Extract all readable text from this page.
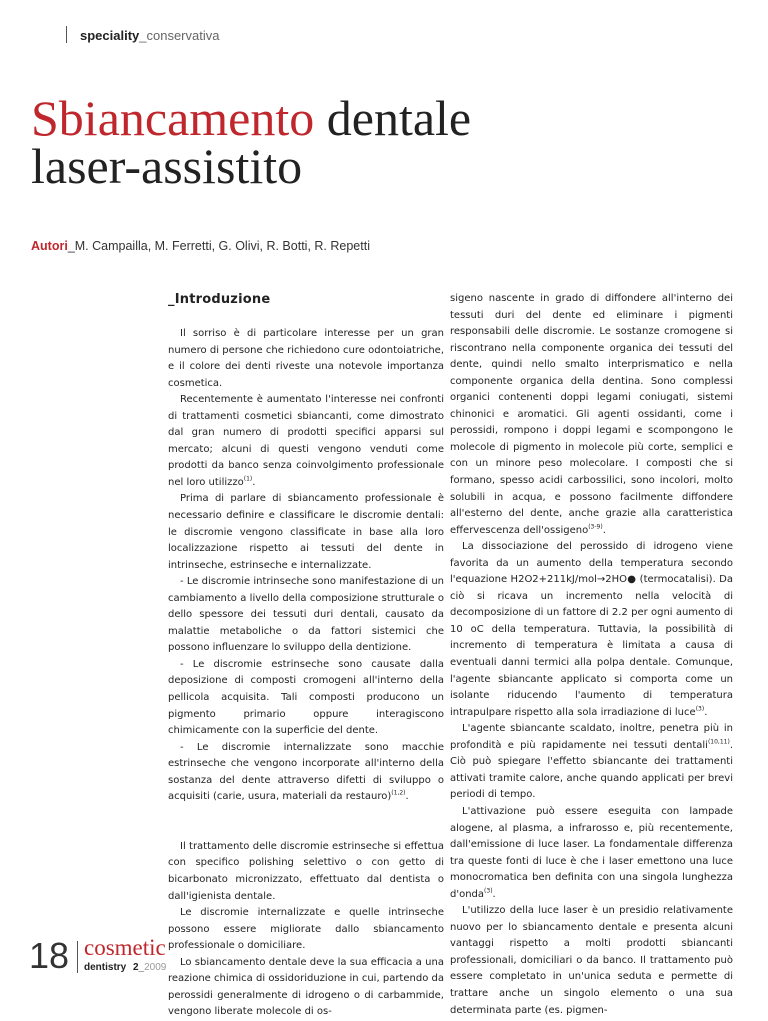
speciality_conservativa
Sbiancamento dentale
laser-assistito
Autori_M. Campailla, M. Ferretti, G. Olivi, R. Botti, R. Repetti

_Introduzione

Il sorriso è di particolare interesse per un gran numero di persone che richiedono cure odontoiatriche, e il colore dei denti riveste una notevole importanza cosmetica.

Recentemente è aumentato l'interesse nei confronti di trattamenti cosmetici sbiancanti, come dimostrato dal gran numero di prodotti specifici apparsi sul mercato; alcuni di questi vengono venduti come prodotti da banco senza coinvolgimento professionale nel loro utilizzo$^{(1)}$.

Prima di parlare di sbiancamento professionale è necessario definire e classificare le discromie dentali: le discromie vengono classificate in base alla loro localizzazione rispetto ai tessuti del dente in intrinseche, estrinseche e internalizzate.

- Le discromie intrinseche sono manifestazione di un cambiamento a livello della composizione strutturale o dello spessore dei tessuti duri dentali, causato da malattie metaboliche o da fattori sistemici che possono influenzare lo sviluppo della dentizione.

- Le discromie estrinseche sono causate dalla deposizione di composti cromogeni all'interno della pellicola acquisita. Tali composti producono un pigmento primario oppure interagiscono chimicamente con la superficie del dente.

- Le discromie internalizzate sono macchie estrinseche che vengono incorporate all'interno della sostanza del dente attraverso difetti di sviluppo o acquisiti (carie, usura, materiali da restauro)$^{(1,2)}$.

Il trattamento delle discromie estrinseche si effettua con specifico polishing selettivo o con getto di bicarbonato micronizzato, effettuato dal dentista o dall'igienista dentale.

Le discromie internalizzate e quelle intrinseche possono essere migliorate dallo sbiancamento professionale o domiciliare.

Lo sbiancamento dentale deve la sua efficacia a una reazione chimica di ossidoriduzione in cui, partendo da perossidi generalmente di idrogeno o di carbammide, vengono liberate molecole di os-

sigeno nascente in grado di diffondere all'interno dei tessuti duri del dente ed eliminare i pigmenti responsabili delle discromie. Le sostanze cromogene si riscontrano nella componente organica dei tessuti del dente, quindi nello smalto interprismatico e nella componente organica della dentina. Sono complessi organici contenenti doppi legami coniugati, sistemi chinonici e aromatici. Gli agenti ossidanti, come i perossidi, rompono i doppi legami e scompongono le molecole di pigmento in molecole più corte, semplici e con un minore peso molecolare. I composti che si formano, spesso acidi carbossilici, sono incolori, molto solubili in acqua, e possono facilmente diffondere all'esterno del dente, anche grazie alla caratteristica effervescenza dell'ossigeno$^{(3-9)}$.

La dissociazione del perossido di idrogeno viene favorita da un aumento della temperatura secondo l'equazione H2O2+211kJ/mol→2HO● (termocatalisi). Da ciò si ricava un incremento nella velocità di decomposizione di un fattore di 2.2 per ogni aumento di 10 oC della temperatura. Tuttavia, la possibilità di incremento di temperatura è limitata a causa di eventuali danni termici alla polpa dentale. Comunque, l'agente sbiancante applicato si comporta come un isolante riducendo l'aumento di temperatura intrapulpare rispetto alla sola irradiazione di luce$^{(3)}$.

L'agente sbiancante scaldato, inoltre, penetra più in profondità e più rapidamente nei tessuti dentali$^{(10,11)}$. Ciò può spiegare l'effetto sbiancante dei trattamenti attivati tramite calore, anche quando applicati per brevi periodi di tempo.

L'attivazione può essere eseguita con lampade alogene, al plasma, a infrarosso e, più recentemente, dall'emissione di luce laser. La fondamentale differenza tra queste fonti di luce è che i laser emettono una luce monocromatica ben definita con una singola lunghezza d'onda$^{(3)}$.

L'utilizzo della luce laser è un presidio relativamente nuovo per lo sbiancamento dentale e presenta alcuni vantaggi rispetto a molti prodotti sbiancanti professionali, domiciliari o da banco. Il trattamento può essere completato in un'unica seduta e permette di trattare anche un singolo elemento o una sua determinata parte (es. pigmen-

18 cosmetic
dentistry 2_2009
